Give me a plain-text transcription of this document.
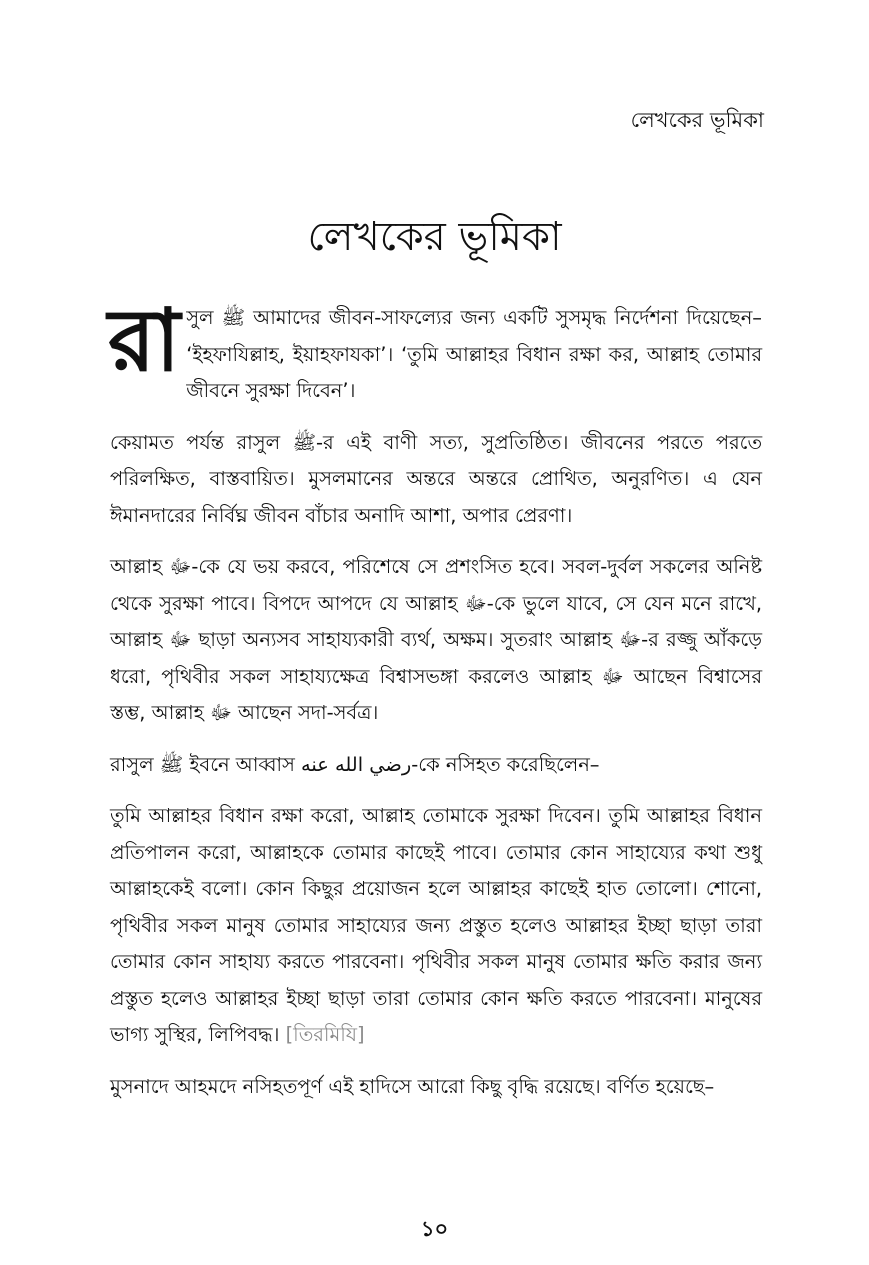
লেখকের ভূমিকা
লেখকের ভূমিকা

রাসুল ﷺ আমাদের জীবন-সাফল্যের জন্য একটি সুসমৃদ্ধ নির্দেশনা দিয়েছেন– ‘ইহফাযিল্লাহ, ইয়াহফাযকা’। ‘তুমি আল্লাহর বিধান রক্ষা কর, আল্লাহ তোমার জীবনে সুরক্ষা দিবেন’।

কেয়ামত পর্যন্ত রাসুল ﷺ-র এই বাণী সত্য, সুপ্রতিষ্ঠিত। জীবনের পরতে পরতে পরিলক্ষিত, বাস্তবায়িত। মুসলমানের অন্তরে অন্তরে প্রোথিত, অনুরণিত। এ যেন ঈমানদারের নির্বিঘ্ন জীবন বাঁচার অনাদি আশা, অপার প্রেরণা।

আল্লাহ ﷻ-কে যে ভয় করবে, পরিশেষে সে প্রশংসিত হবে। সবল-দুর্বল সকলের অনিষ্ট থেকে সুরক্ষা পাবে। বিপদে আপদে যে আল্লাহ ﷻ-কে ভুলে যাবে, সে যেন মনে রাখে, আল্লাহ ﷻ ছাড়া অন্যসব সাহায্যকারী ব্যর্থ, অক্ষম। সুতরাং আল্লাহ ﷻ-র রজ্জু আঁকড়ে ধরো, পৃথিবীর সকল সাহায্যক্ষেত্র বিশ্বাসভঙ্গা করলেও আল্লাহ ﷻ আছেন বিশ্বাসের স্তম্ভ, আল্লাহ ﷻ আছেন সদা-সর্বত্র।

রাসুল ﷺ ইবনে আব্বাস رضي الله عنه-কে নসিহত করেছিলেন–

তুমি আল্লাহর বিধান রক্ষা করো, আল্লাহ তোমাকে সুরক্ষা দিবেন। তুমি আল্লাহর বিধান প্রতিপালন করো, আল্লাহকে তোমার কাছেই পাবে। তোমার কোন সাহায্যের কথা শুধু আল্লাহকেই বলো। কোন কিছুর প্রয়োজন হলে আল্লাহর কাছেই হাত তোলো। শোনো, পৃথিবীর সকল মানুষ তোমার সাহায্যের জন্য প্রস্তুত হলেও আল্লাহর ইচ্ছা ছাড়া তারা তোমার কোন সাহায্য করতে পারবেনা। পৃথিবীর সকল মানুষ তোমার ক্ষতি করার জন্য প্রস্তুত হলেও আল্লাহর ইচ্ছা ছাড়া তারা তোমার কোন ক্ষতি করতে পারবেনা। মানুষের ভাগ্য সুস্থির, লিপিবদ্ধ। [তিরমিযি]

মুসনাদে আহমদে নসিহতপূর্ণ এই হাদিসে আরো কিছু বৃদ্ধি রয়েছে। বর্ণিত হয়েছে–

১০
